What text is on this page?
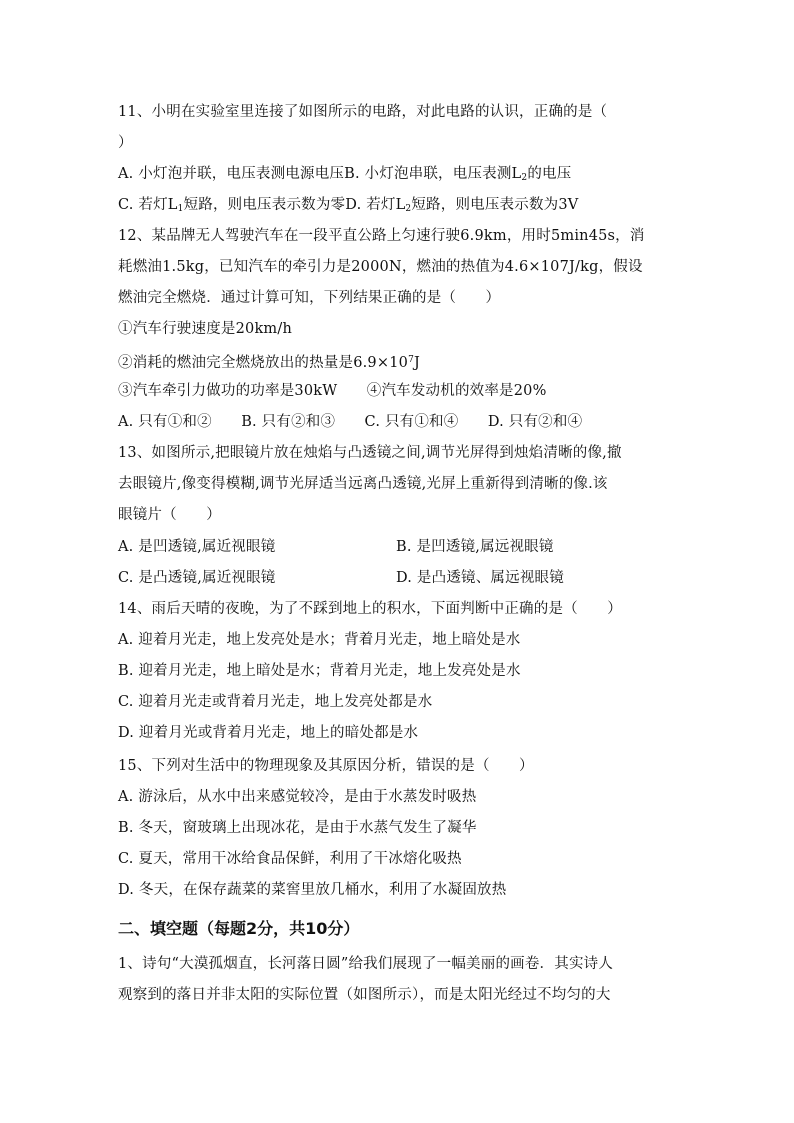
11、小明在实验室里连接了如图所示的电路，对此电路的认识，正确的是（
）
A. 小灯泡并联，电压表测电源电压B. 小灯泡串联，电压表测$L_2$的电压
C. 若灯$L_1$短路，则电压表示数为零D. 若灯$L_2$短路，则电压表示数为3V
12、某品牌无人驾驶汽车在一段平直公路上匀速行驶6.9km，用时5min45s，消
耗燃油1.5kg，已知汽车的牵引力是2000N，燃油的热值为4.6×107J/kg，假设
燃油完全燃烧．通过计算可知，下列结果正确的是（　　）
①汽车行驶速度是20km/h
②消耗的燃油完全燃烧放出的热量是$6.9\times 10^7J$
③汽车牵引力做功的功率是30kW　　④汽车发动机的效率是20%
A. 只有①和②　　B. 只有②和③　　C. 只有①和④　　D. 只有②和④
13、如图所示,把眼镜片放在烛焰与凸透镜之间,调节光屏得到烛焰清晰的像,撤
去眼镜片,像变得模糊,调节光屏适当远离凸透镜,光屏上重新得到清晰的像.该
眼镜片（　　）
A. 是凹透镜,属近视眼镜	B. 是凹透镜,属远视眼镜
C. 是凸透镜,属近视眼镜	D. 是凸透镜、属远视眼镜
14、雨后天晴的夜晚，为了不踩到地上的积水，下面判断中正确的是（　　）
A. 迎着月光走，地上发亮处是水；背着月光走，地上暗处是水
B. 迎着月光走，地上暗处是水；背着月光走，地上发亮处是水
C. 迎着月光走或背着月光走，地上发亮处都是水
D. 迎着月光或背着月光走，地上的暗处都是水
15、下列对生活中的物理现象及其原因分析，错误的是（　　）
A. 游泳后，从水中出来感觉较冷，是由于水蒸发时吸热
B. 冬天，窗玻璃上出现冰花，是由于水蒸气发生了凝华
C. 夏天，常用干冰给食品保鲜，利用了干冰熔化吸热
D. 冬天，在保存蔬菜的菜窖里放几桶水，利用了水凝固放热
二、填空题（每题2分，共10分）
1、诗句“大漠孤烟直，长河落日圆”给我们展现了一幅美丽的画卷．其实诗人
观察到的落日并非太阳的实际位置（如图所示），而是太阳光经过不均匀的大
